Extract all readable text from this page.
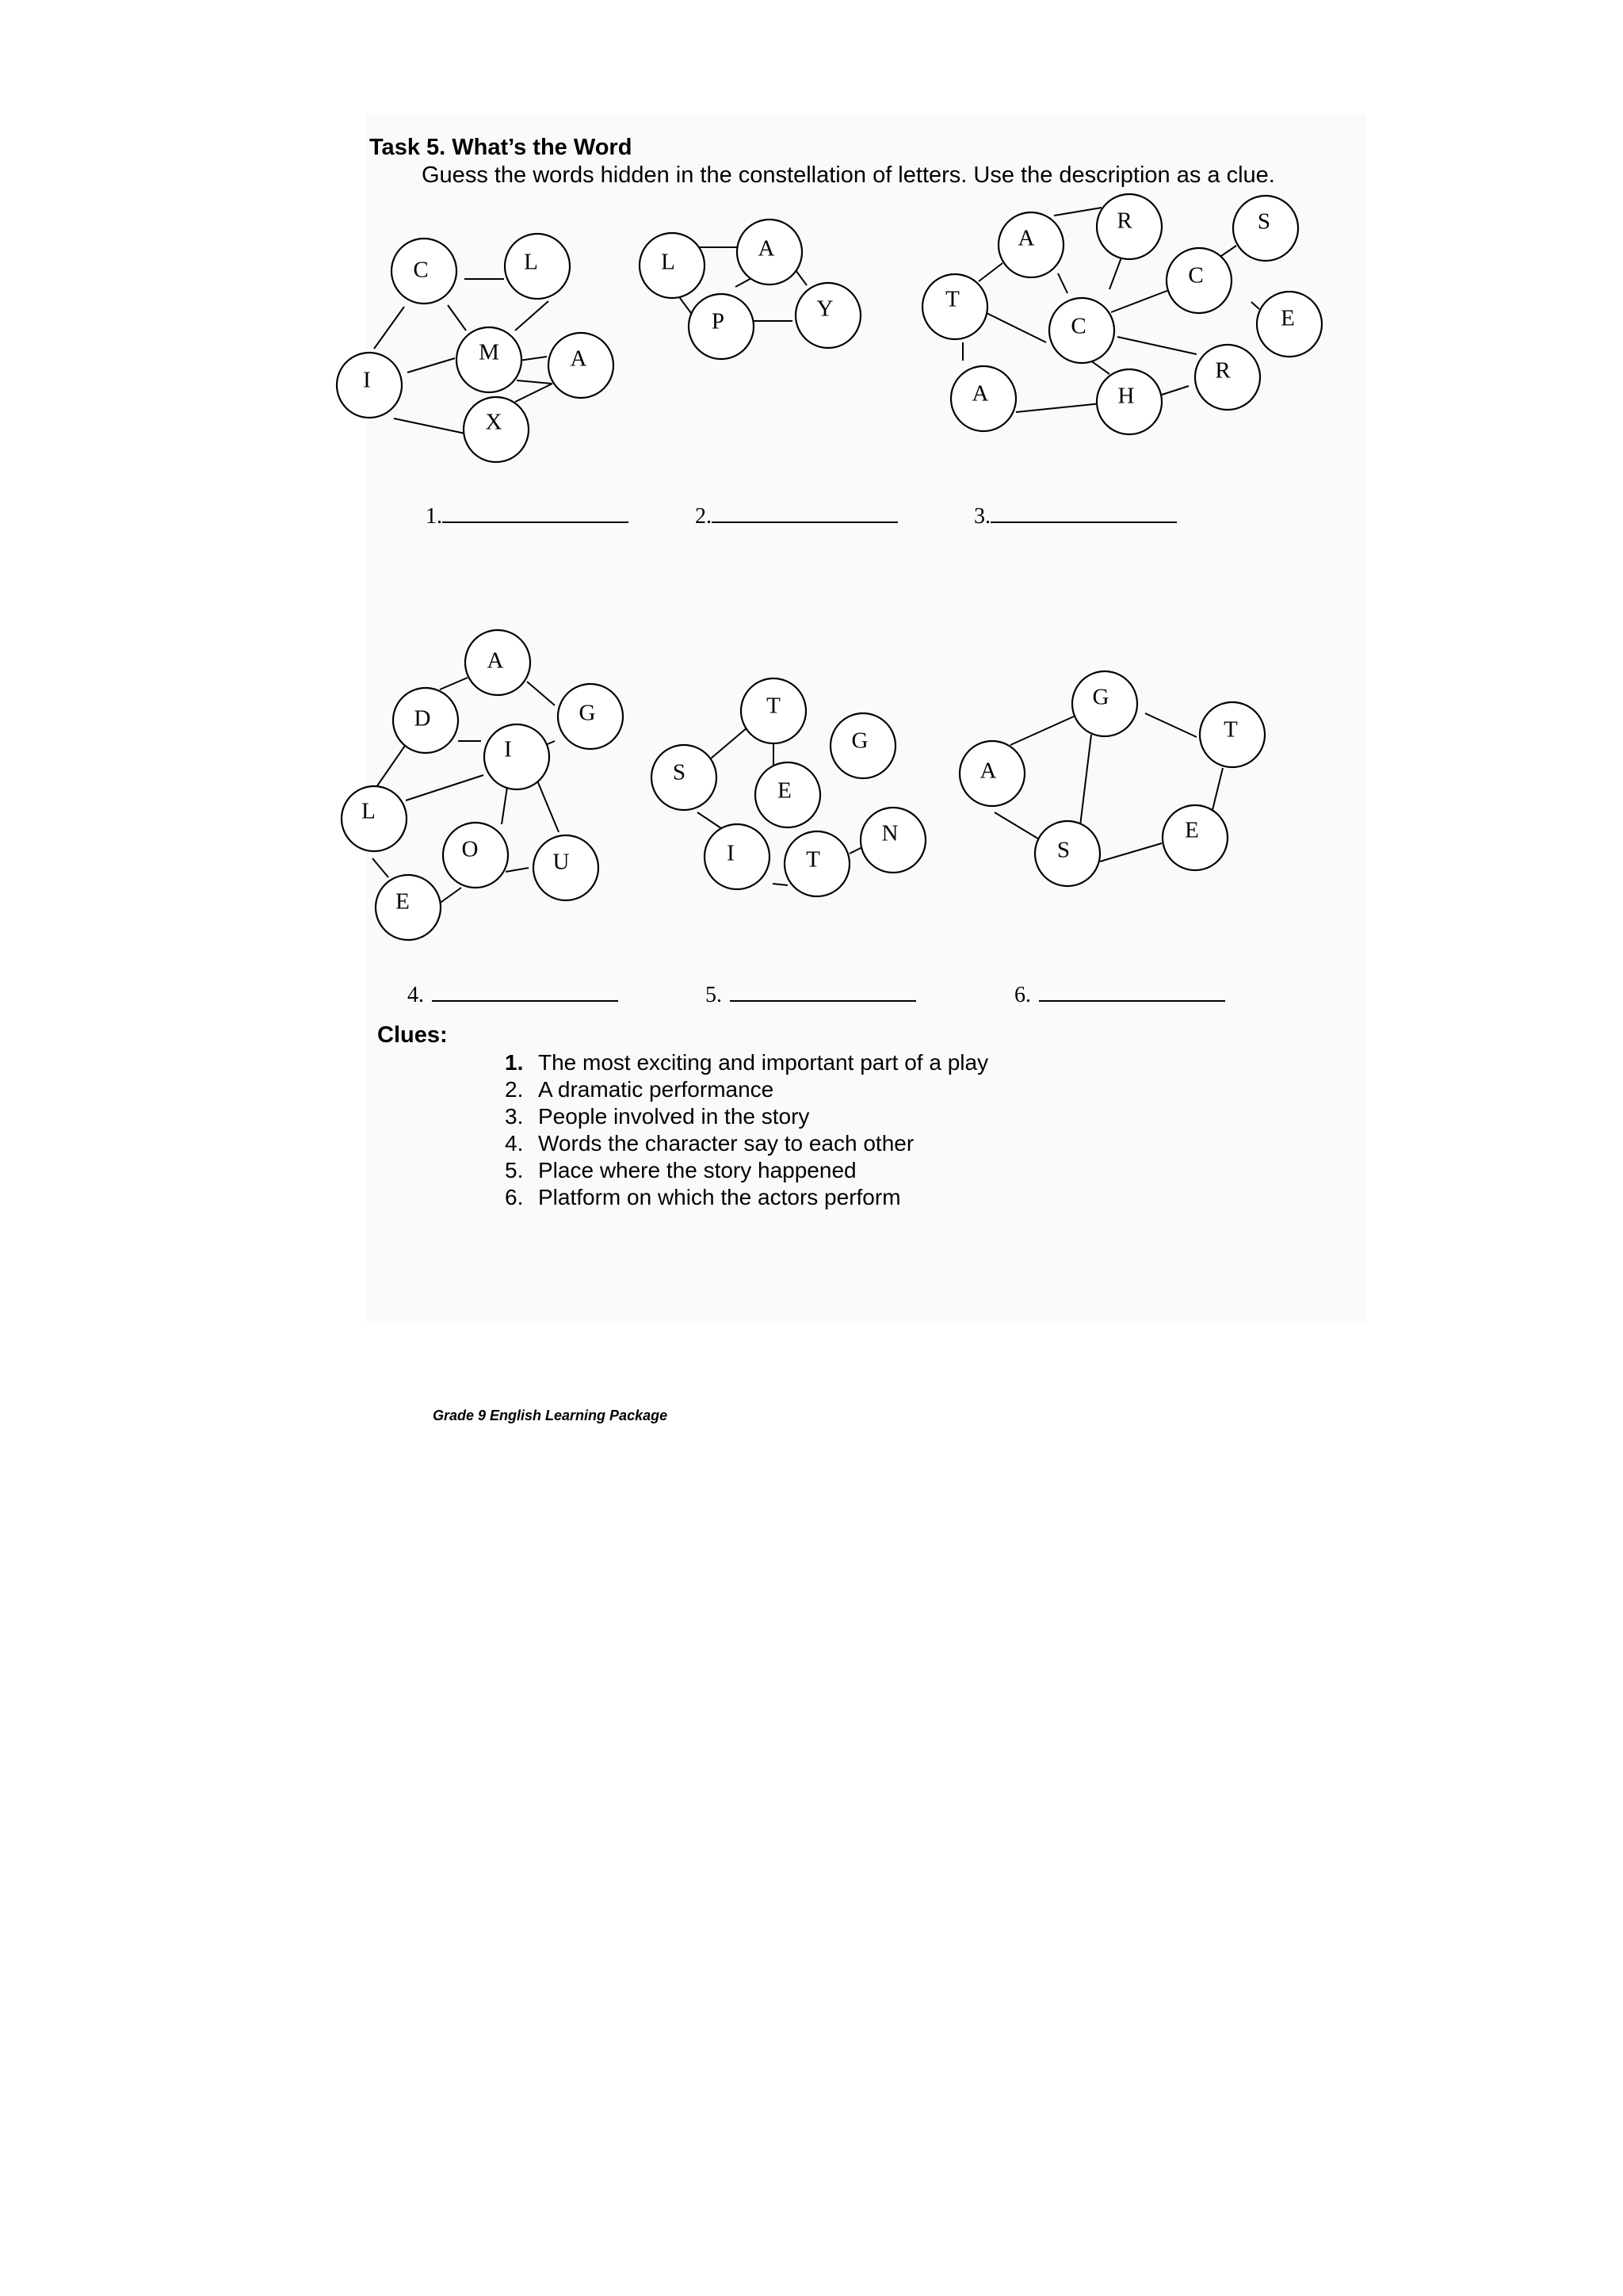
Task 5. What’s the Word
Guess the words hidden in the constellation of letters. Use the description as a clue.
C	L
M	A
I
X
L
A
Y
P
A
R	S
T
C
C
E
R
A	H
A
D	G
I
L
O	U
E
T
G
S
E
N
I	T
G
T
A
E
S
1.	2.	3.
4.	5.	6.
Clues:
1. The most exciting and important part of a play
2. A dramatic performance
3. People involved in the story
4. Words the character say to each other
5. Place where the story happened
6. Platform on which the actors perform
Grade 9 English Learning Package
